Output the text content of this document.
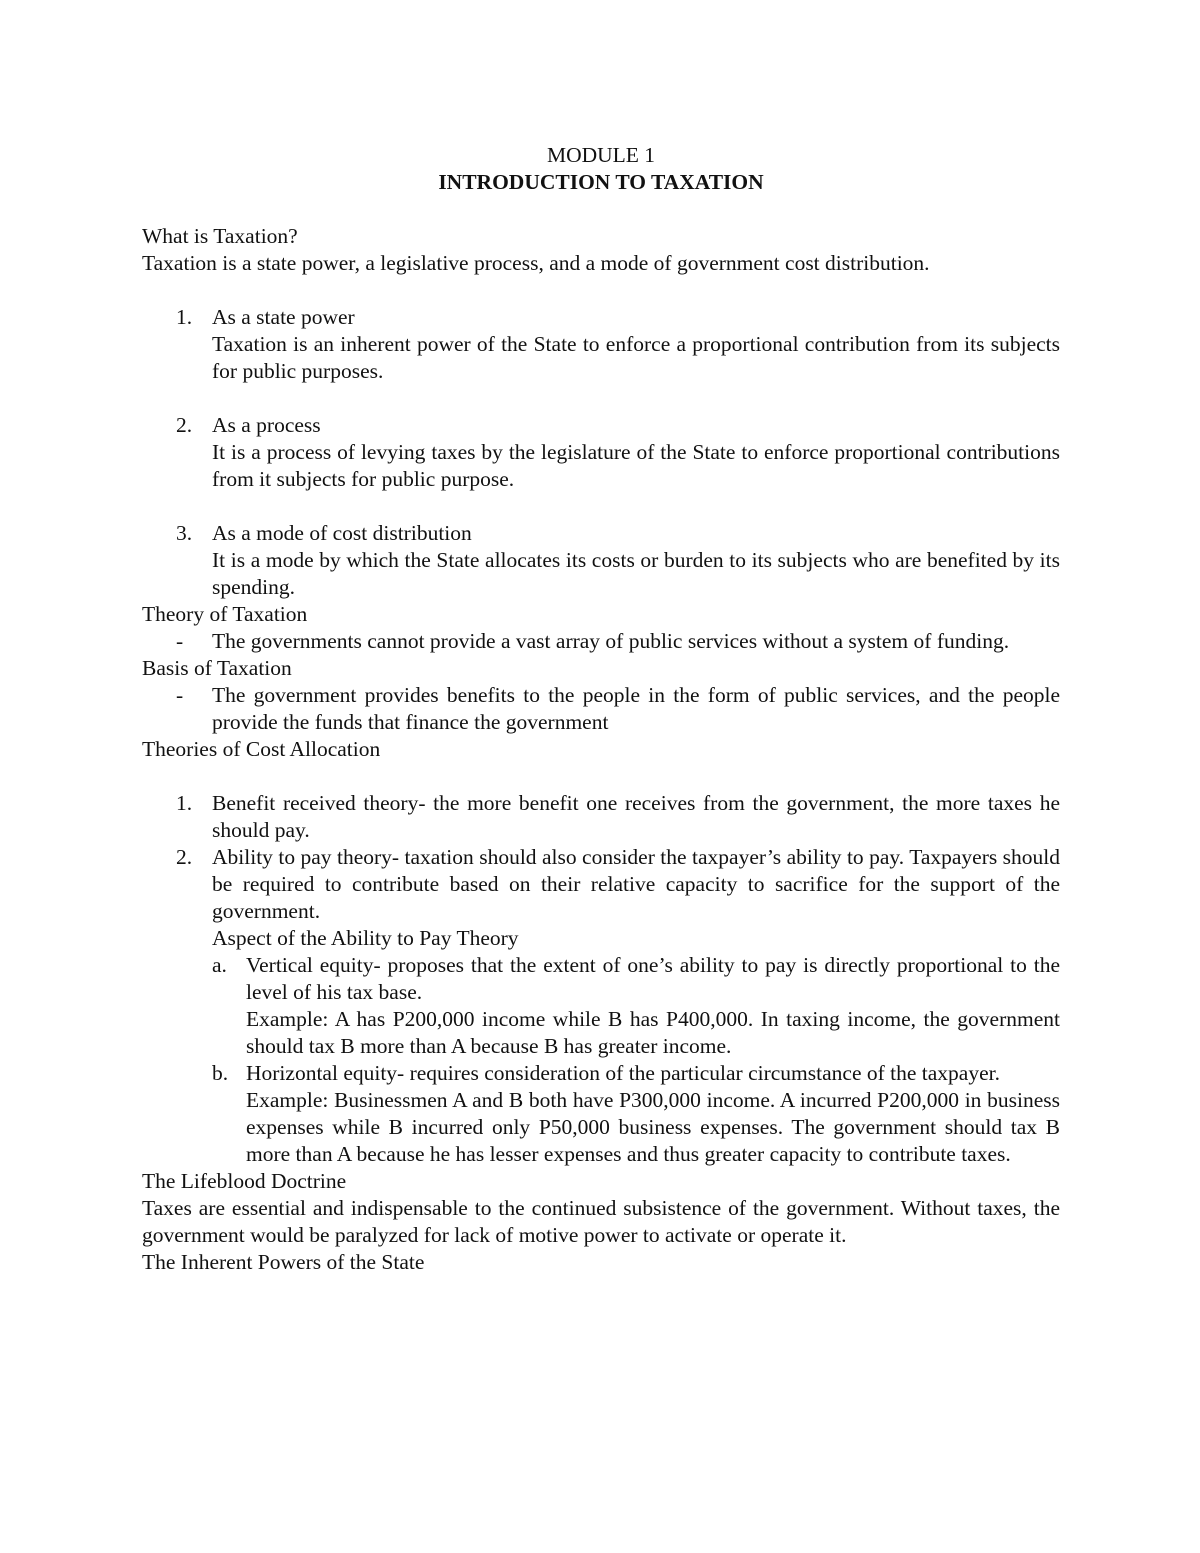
MODULE 1
INTRODUCTION TO TAXATION
What is Taxation?
Taxation is a state power, a legislative process, and a mode of government cost distribution.
1. As a state power
Taxation is an inherent power of the State to enforce a proportional contribution from its subjects for public purposes.
2. As a process
It is a process of levying taxes by the legislature of the State to enforce proportional contributions from it subjects for public purpose.
3. As a mode of cost distribution
It is a mode by which the State allocates its costs or burden to its subjects who are benefited by its spending.
Theory of Taxation
- The governments cannot provide a vast array of public services without a system of funding.
Basis of Taxation
- The government provides benefits to the people in the form of public services, and the people provide the funds that finance the government
Theories of Cost Allocation
1. Benefit received theory- the more benefit one receives from the government, the more taxes he should pay.
2. Ability to pay theory- taxation should also consider the taxpayer’s ability to pay. Taxpayers should be required to contribute based on their relative capacity to sacrifice for the support of the government.
Aspect of the Ability to Pay Theory
a. Vertical equity- proposes that the extent of one’s ability to pay is directly proportional to the level of his tax base.
Example: A has P200,000 income while B has P400,000. In taxing income, the government should tax B more than A because B has greater income.
b. Horizontal equity- requires consideration of the particular circumstance of the taxpayer.
Example: Businessmen A and B both have P300,000 income. A incurred P200,000 in business expenses while B incurred only P50,000 business expenses. The government should tax B more than A because he has lesser expenses and thus greater capacity to contribute taxes.
The Lifeblood Doctrine
Taxes are essential and indispensable to the continued subsistence of the government. Without taxes, the government would be paralyzed for lack of motive power to activate or operate it.
The Inherent Powers of the State
